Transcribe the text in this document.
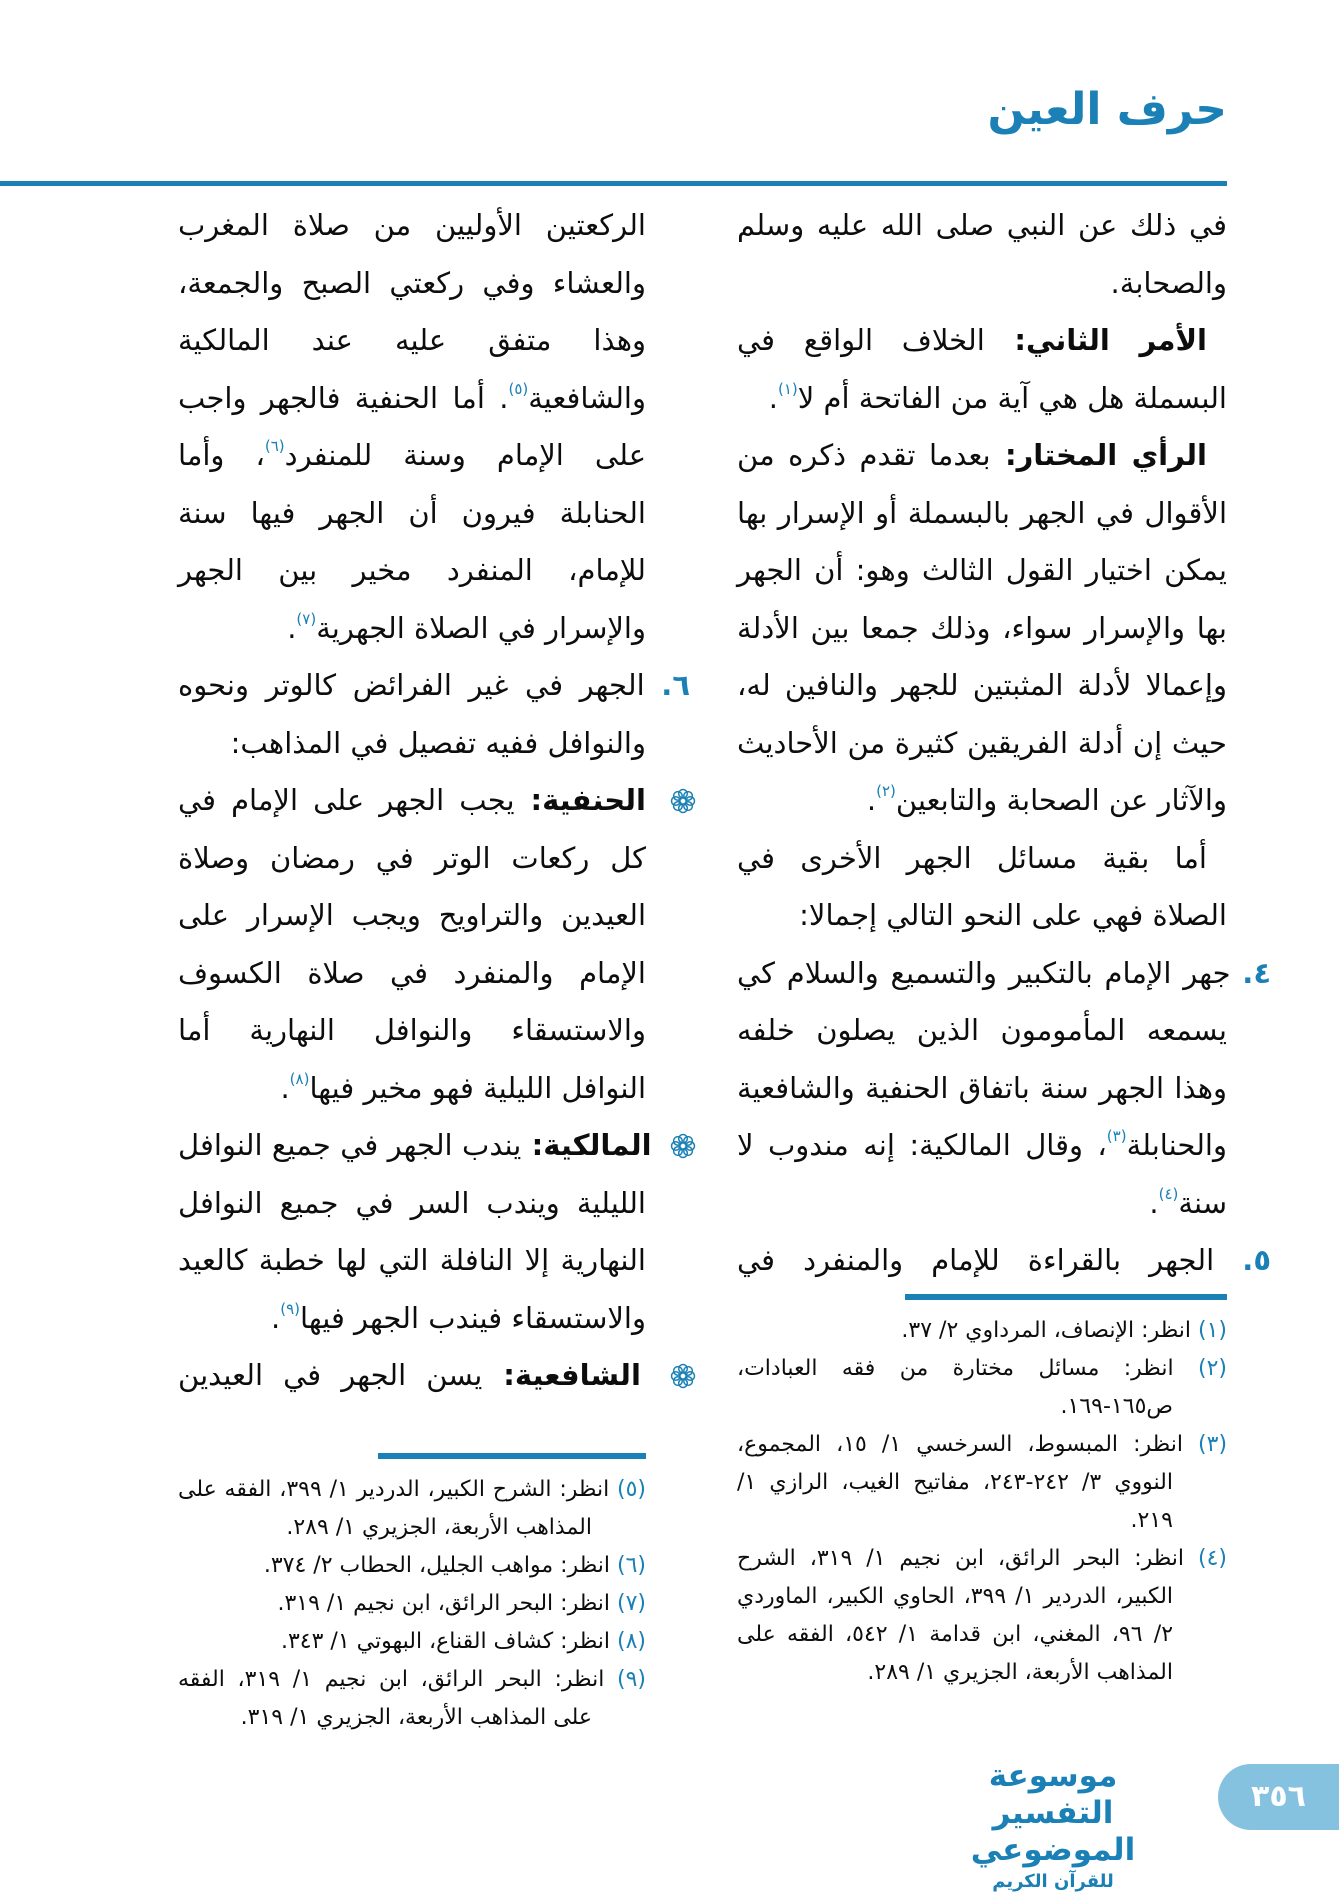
حرف العين

في ذلك عن النبي صلى الله عليه وسلم والصحابة.

الأمر الثاني: الخلاف الواقع في البسملة هل هي آية من الفاتحة أم لا$^{(١)}$.

الرأي المختار: بعدما تقدم ذكره من الأقوال في الجهر بالبسملة أو الإسرار بها يمكن اختيار القول الثالث وهو: أن الجهر بها والإسرار سواء، وذلك جمعا بين الأدلة وإعمالا لأدلة المثبتين للجهر والنافين له، حيث إن أدلة الفريقين كثيرة من الأحاديث والآثار عن الصحابة والتابعين$^{(٢)}$.

أما بقية مسائل الجهر الأخرى في الصلاة فهي على النحو التالي إجمالا:

٤. جهر الإمام بالتكبير والتسميع والسلام كي يسمعه المأمومون الذين يصلون خلفه وهذا الجهر سنة باتفاق الحنفية والشافعية والحنابلة$^{(٣)}$، وقال المالكية: إنه مندوب لا سنة$^{(٤)}$.

٥. الجهر بالقراءة للإمام والمنفرد في

الركعتين الأوليين من صلاة المغرب والعشاء وفي ركعتي الصبح والجمعة، وهذا متفق عليه عند المالكية والشافعية$^{(٥)}$. أما الحنفية فالجهر واجب على الإمام وسنة للمنفرد$^{(٦)}$، وأما الحنابلة فيرون أن الجهر فيها سنة للإمام، المنفرد مخير بين الجهر والإسرار في الصلاة الجهرية$^{(٧)}$.

٦. الجهر في غير الفرائض كالوتر ونحوه والنوافل ففيه تفصيل في المذاهب:

الحنفية: يجب الجهر على الإمام في كل ركعات الوتر في رمضان وصلاة العيدين والتراويح ويجب الإسرار على الإمام والمنفرد في صلاة الكسوف والاستسقاء والنوافل النهارية أما النوافل الليلية فهو مخير فيها$^{(٨)}$.

المالكية: يندب الجهر في جميع النوافل الليلية ويندب السر في جميع النوافل النهارية إلا النافلة التي لها خطبة كالعيد والاستسقاء فيندب الجهر فيها$^{(٩)}$.

الشافعية: يسن الجهر في العيدين

(١) انظر: الإنصاف، المرداوي ٢/ ٣٧.

(٢) انظر: مسائل مختارة من فقه العبادات، ص١٦٥-١٦٩.

(٣) انظر: المبسوط، السرخسي ١/ ١٥، المجموع، النووي ٣/ ٢٤٢-٢٤٣، مفاتيح الغيب، الرازي ١/ ٢١٩.

(٤) انظر: البحر الرائق، ابن نجيم ١/ ٣١٩، الشرح الكبير، الدردير ١/ ٣٩٩، الحاوي الكبير، الماوردي ٢/ ٩٦، المغني، ابن قدامة ١/ ٥٤٢، الفقه على المذاهب الأربعة، الجزيري ١/ ٢٨٩.

(٥) انظر: الشرح الكبير، الدردير ١/ ٣٩٩، الفقه على المذاهب الأربعة، الجزيري ١/ ٢٨٩.

(٦) انظر: مواهب الجليل، الحطاب ٢/ ٣٧٤.

(٧) انظر: البحر الرائق، ابن نجيم ١/ ٣١٩.

(٨) انظر: كشاف القناع، البهوتي ١/ ٣٤٣.

(٩) انظر: البحر الرائق، ابن نجيم ١/ ٣١٩، الفقه على المذاهب الأربعة، الجزيري ١/ ٣١٩.

موسوعة التفسير الموضوعي
للقرآن الكريم
٣٥٦
